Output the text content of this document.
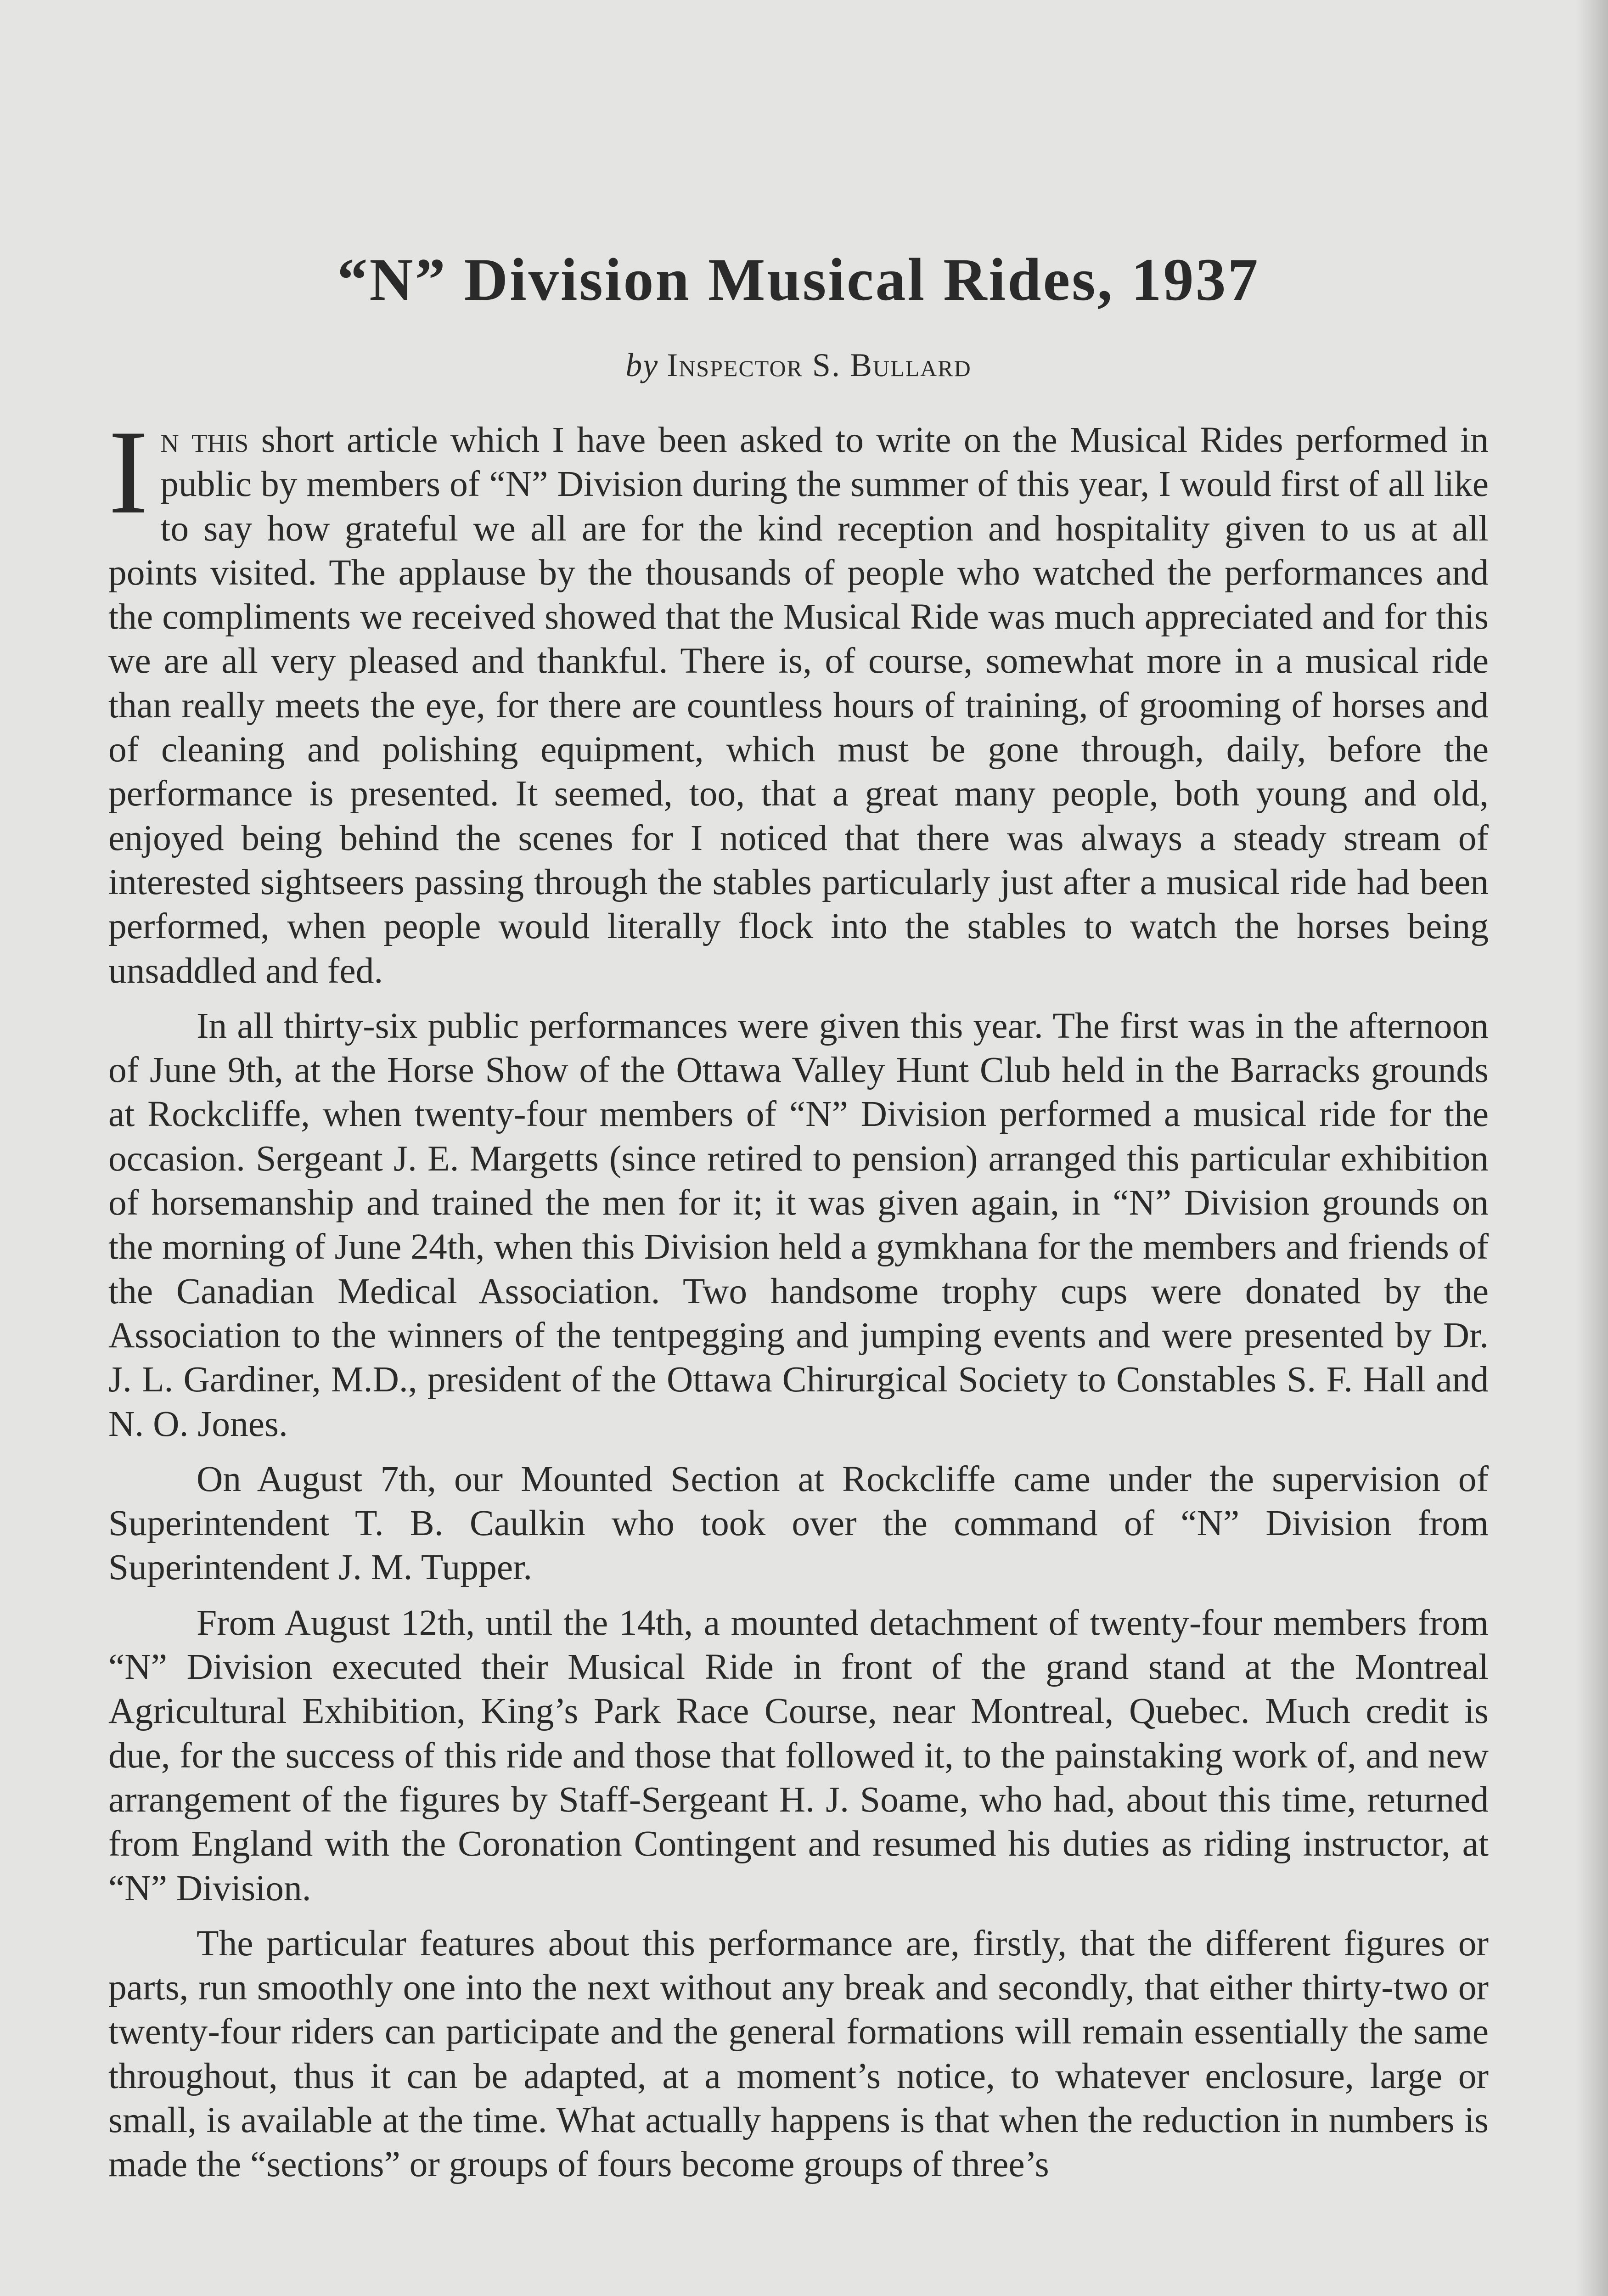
“N” Division Musical Rides, 1937
by Inspector S. Bullard

In this short article which I have been asked to write on the Musical Rides performed in public by members of “N” Division during the summer of this year, I would first of all like to say how grateful we all are for the kind reception and hospitality given to us at all points visited. The applause by the thousands of people who watched the performances and the compliments we received showed that the Musical Ride was much appreciated and for this we are all very pleased and thankful. There is, of course, somewhat more in a musical ride than really meets the eye, for there are countless hours of training, of grooming of horses and of cleaning and polishing equipment, which must be gone through, daily, before the performance is presented. It seemed, too, that a great many people, both young and old, enjoyed being behind the scenes for I noticed that there was always a steady stream of interested sightseers passing through the stables particularly just after a musical ride had been performed, when people would literally flock into the stables to watch the horses being unsaddled and fed.

In all thirty-six public performances were given this year. The first was in the afternoon of June 9th, at the Horse Show of the Ottawa Valley Hunt Club held in the Barracks grounds at Rockcliffe, when twenty-four members of “N” Division performed a musical ride for the occasion. Sergeant J. E. Margetts (since retired to pension) arranged this particular exhibition of horsemanship and trained the men for it; it was given again, in “N” Division grounds on the morning of June 24th, when this Division held a gymkhana for the members and friends of the Canadian Medical Association. Two handsome trophy cups were donated by the Association to the winners of the tentpegging and jumping events and were presented by Dr. J. L. Gardiner, M.D., president of the Ottawa Chirurgical Society to Constables S. F. Hall and N. O. Jones.

On August 7th, our Mounted Section at Rockcliffe came under the supervision of Superintendent T. B. Caulkin who took over the command of “N” Division from Superintendent J. M. Tupper.

From August 12th, until the 14th, a mounted detachment of twenty-four members from “N” Division executed their Musical Ride in front of the grand stand at the Montreal Agricultural Exhibition, King’s Park Race Course, near Montreal, Quebec. Much credit is due, for the success of this ride and those that followed it, to the painstaking work of, and new arrangement of the figures by Staff-Sergeant H. J. Soame, who had, about this time, returned from England with the Coronation Contingent and resumed his duties as riding instructor, at “N” Division.

The particular features about this performance are, firstly, that the different figures or parts, run smoothly one into the next without any break and secondly, that either thirty-two or twenty-four riders can participate and the general formations will remain essentially the same throughout, thus it can be adapted, at a moment’s notice, to whatever enclosure, large or small, is available at the time. What actually happens is that when the reduction in numbers is made the “sections” or groups of fours become groups of three’s
